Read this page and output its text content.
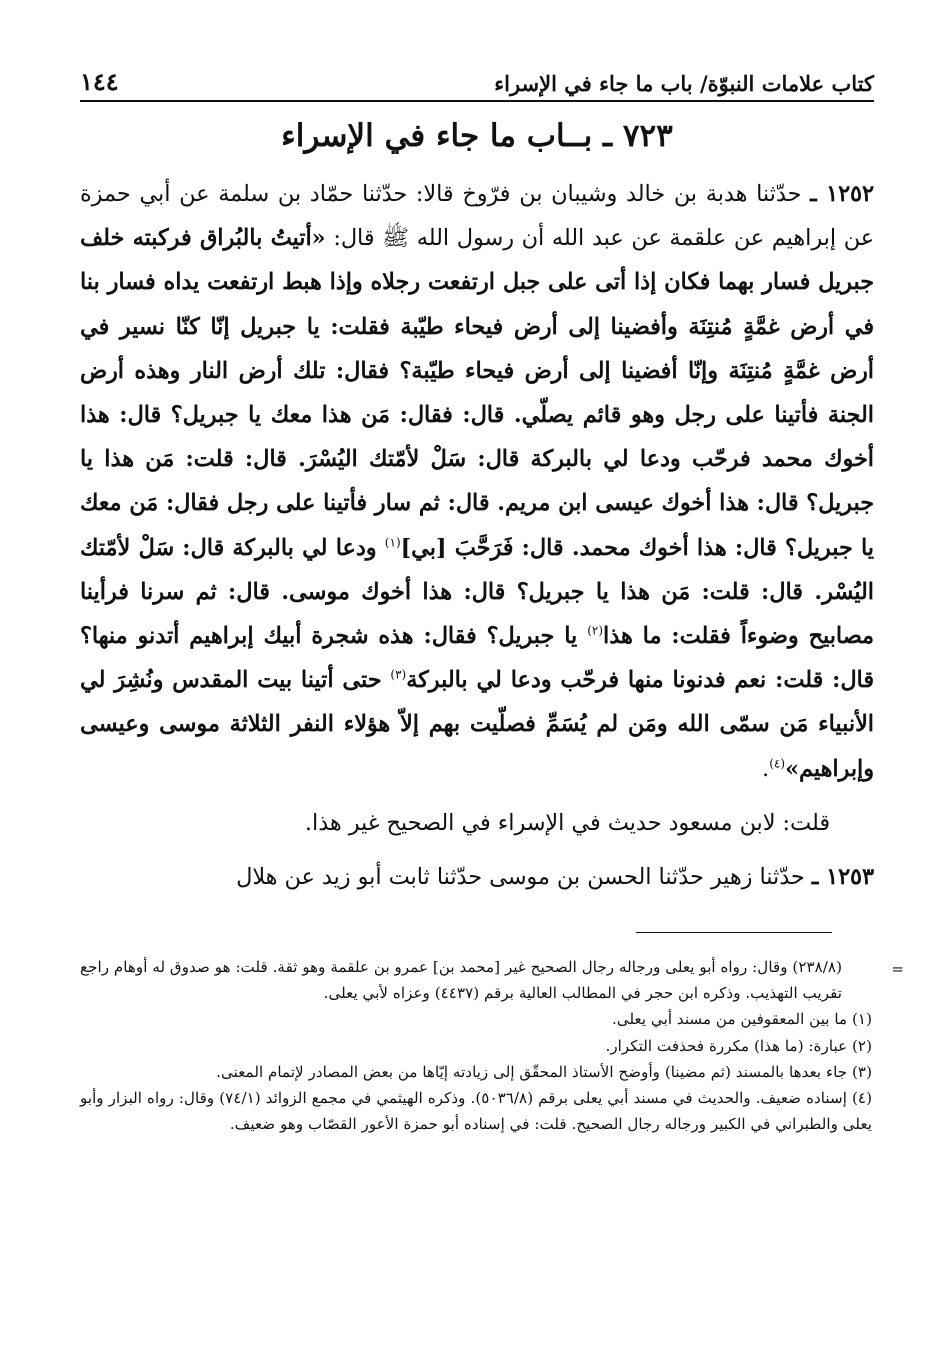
كتاب علامات النبوّة/ باب ما جاء في الإسراء
١٤٤
٧٢٣ ـ بــاب ما جاء في الإسراء

١٢٥٢ ـ حدّثنا هدبة بن خالد وشيبان بن فرّوخ قالا: حدّثنا حمّاد بن سلمة عن أبي حمزة عن إبراهيم عن علقمة عن عبد الله أن رسول الله ﷺ قال: «أتيتُ بالبُراق فركبته خلف جبريل فسار بهما فكان إذا أتى على جبل ارتفعت رجلاه وإذا هبط ارتفعت يداه فسار بنا في أرض غمَّةٍ مُنتِنَة وأفضينا إلى أرض فيحاء طيّبة فقلت: يا جبريل إنّا كنّا نسير في أرض غمَّةٍ مُنتِنَة وإنّا أفضينا إلى أرض فيحاء طيّبة؟ فقال: تلك أرض النار وهذه أرض الجنة فأتينا على رجل وهو قائم يصلّي. قال: فقال: مَن هذا معك يا جبريل؟ قال: هذا أخوك محمد فرحّب ودعا لي بالبركة قال: سَلْ لأمّتك اليُسْرَ. قال: قلت: مَن هذا يا جبريل؟ قال: هذا أخوك عيسى ابن مريم. قال: ثم سار فأتينا على رجل فقال: مَن معك يا جبريل؟ قال: هذا أخوك محمد. قال: فَرَحَّبَ [بي]$^{(١)}$ ودعا لي بالبركة قال: سَلْ لأمّتك اليُسْر. قال: قلت: مَن هذا يا جبريل؟ قال: هذا أخوك موسى. قال: ثم سرنا فرأينا مصابيح وضوءاً فقلت: ما هذا$^{(٢)}$ يا جبريل؟ فقال: هذه شجرة أبيك إبراهيم أتدنو منها؟ قال: قلت: نعم فدنونا منها فرحّب ودعا لي بالبركة$^{(٣)}$ حتى أتينا بيت المقدس ونُشِرَ لي الأنبياء مَن سمّى الله ومَن لم يُسَمِّ فصلّيت بهم إلاّ هؤلاء النفر الثلاثة موسى وعيسى وإبراهيم»$^{(٤)}$.

قلت: لابن مسعود حديث في الإسراء في الصحيح غير هذا.

١٢٥٣ ـ حدّثنا زهير حدّثنا الحسن بن موسى حدّثنا ثابت أبو زيد عن هلال

=
(٢٣٨/٨) وقال: رواه أبو يعلى ورجاله رجال الصحيح غير [محمد بن] عمرو بن علقمة وهو ثقة. قلت: هو صدوق له أوهام راجع تقريب التهذيب. وذكره ابن حجر في المطالب العالية برقم (٤٤٣٧) وعزاه لأبي يعلى.

(١) ما بين المعقوفين من مسند أبي يعلى.

(٢) عبارة: (ما هذا) مكررة فحذفت التكرار.

(٣) جاء بعدها بالمسند (ثم مضينا) وأوضح الأستاذ المحقّق إلى زيادته إيّاها من بعض المصادر لإتمام المعنى.

(٤) إسناده ضعيف. والحديث في مسند أبي يعلى برقم (٥٠٣٦/٨). وذكره الهيثمي في مجمع الزوائد (٧٤/١) وقال: رواه البزار وأبو يعلى والطبراني في الكبير ورجاله رجال الصحيح. قلت: في إسناده أبو حمزة الأعور القصّاب وهو ضعيف.
